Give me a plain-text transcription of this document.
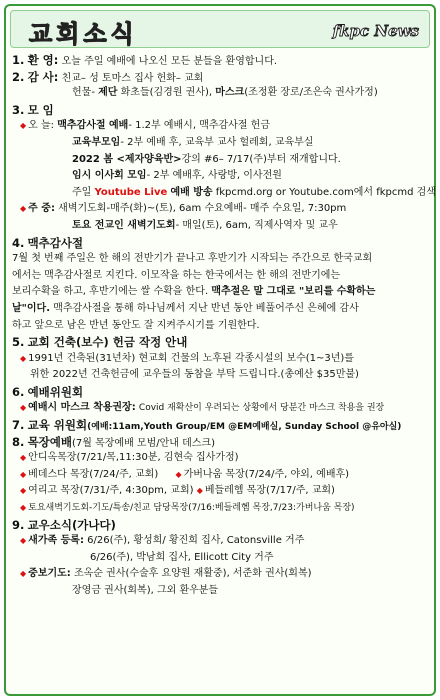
교회소식	fkpc News
1. 환 영: 오늘 주일 예배에 나오신 모든 분들을 환영합니다.
2. 감 사: 친교– 성 토마스 집사 헌화– 교회
헌물- 제단 화초들(김경원 권사), 마스크(조정환 장로/조은숙 권사가정)
3. 모 임
◆ 오 늘: 맥추감사절 예배- 1.2부 예배시, 맥추감사절 헌금
교육부모임- 2부 예배 후, 교육부 교사 헐레회, 교육부실
2022 봄 <제자양육반>강의 #6– 7/17(주)부터 재개합니다.
임시 이사회 모임- 2부 예배후, 사랑방, 이사전원
주일 Youtube Live 예배 방송 fkpcmd.org or Youtube.com에서 fkpcmd 검색
◆ 주 중: 새벽기도회-매주(화)~(토), 6am 수요예배- 매주 수요일, 7:30pm
토요 전교인 새벽기도회- 매일(토), 6am, 직제사역자 및 교우
4. 맥추감사절
7월 첫 번째 주일은 한 해의 전반기가 끝나고 후반기가 시작되는 주간으로 한국교회
에서는 맥추감사절로 지킨다. 이모작을 하는 한국에서는 한 해의 전반기에는
보리수확을 하고, 후반기에는 쌀 수확을 한다. 맥추절은 말 그대로 "보리를 수확하는
날"이다. 맥추감사절을 통해 하나님께서 지난 반년 동안 베풀어주신 은혜에 감사
하고 앞으로 남은 반년 동안도 잘 지켜주시기를 기원한다.
5. 교회 건축(보수) 헌금 작정 안내
◆ 1991년 건축된(31년차) 현교회 건물의 노후된 각종시설의 보수(1~3년)를
위한 2022년 건축헌금에 교우들의 동참을 부탁 드립니다.(총예산 $35만불)
6. 예배위원회
◆ 예배시 마스크 착용권장: Covid 재확산이 우려되는 상황에서 당분간 마스크 착용을 권장
7. 교육 위원회(예배:11am,Youth Group/EM @EM예배실, Sunday School @유아실)
8. 목장예배(7월 목장예배 모범/안내 데스크)
◆ 안디옥목장(7/21/목,11:30분, 김현숙 집사가정)
◆ 베데스다 목장(7/24/주, 교회) ◆ 가버나움 목장(7/24/주, 야외, 예배후)
◆ 여리고 목장(7/31/주, 4:30pm, 교회) ◆ 베들레헴 목장(7/17/주, 교회)
◆ 토요새벽기도회-기도/특송/친교 담당목장(7/16:베들레헴 목장,7/23:가버나움 목장)
9. 교우소식(가나다)
◆ 새가족 등록: 6/26(주), 황성희/ 황진희 집사, Catonsville 거주
6/26(주), 박남희 집사, Ellicott City 거주
◆ 중보기도: 조옥순 권사(수술후 요양원 재활중), 서준화 권사(회복)
장영금 권사(회복), 그외 환우분들
